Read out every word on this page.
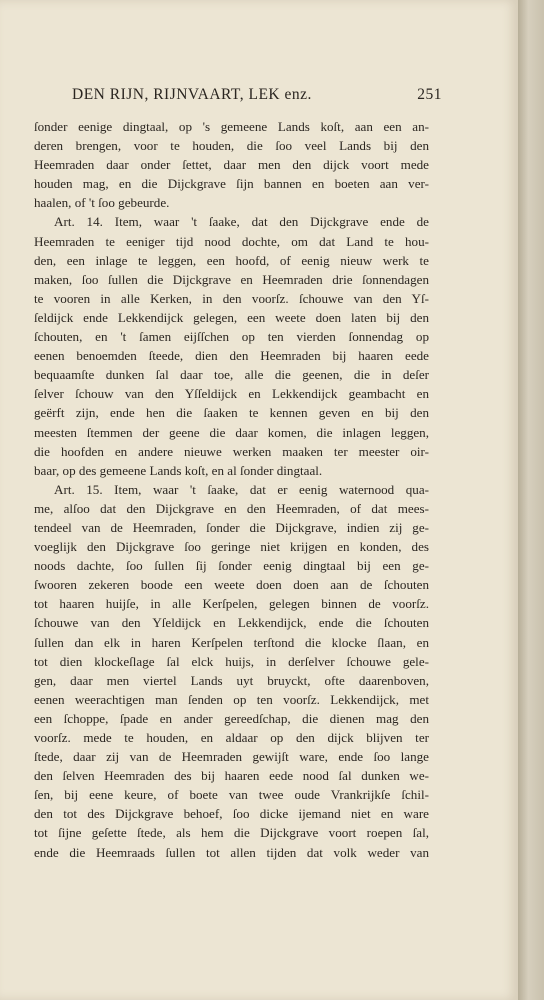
DEN RIJN, RIJNVAART, LEK enz.	251
ſonder eenige dingtaal, op 's gemeene Lands koſt, aan een an-
deren brengen, voor te houden, die ſoo veel Lands bij den
Heemraden daar onder ſettet, daar men den dijck voort mede
houden mag, en die Dijckgrave ſijn bannen en boeten aan ver-
haalen, of 't ſoo gebeurde.
Art. 14. Item, waar 't ſaake, dat den Dijckgrave ende de
Heemraden te eeniger tijd nood dochte, om dat Land te hou-
den, een inlage te leggen, een hoofd, of eenig nieuw werk te
maken, ſoo ſullen die Dijckgrave en Heemraden drie ſonnendagen
te vooren in alle Kerken, in den voorſz. ſchouwe van den Yſ-
ſeldijck ende Lekkendijck gelegen, een weete doen laten bij den
ſchouten, en 't ſamen eijſſchen op ten vierden ſonnendag op
eenen benoemden ſteede, dien den Heemraden bij haaren eede
bequaamſte dunken ſal daar toe, alle die geenen, die in deſer
ſelver ſchouw van den Yſſeldijck en Lekkendijck geambacht en
geërft zijn, ende hen die ſaaken te kennen geven en bij den
meesten ſtemmen der geene die daar komen, die inlagen leggen,
die hoofden en andere nieuwe werken maaken ter meester oir-
baar, op des gemeene Lands koſt, en al ſonder dingtaal.
Art. 15. Item, waar 't ſaake, dat er eenig waternood qua-
me, alſoo dat den Dijckgrave en den Heemraden, of dat mees-
tendeel van de Heemraden, ſonder die Dijckgrave, indien zij ge-
voeglijk den Dijckgrave ſoo geringe niet krijgen en konden, des
noods dachte, ſoo ſullen ſij ſonder eenig dingtaal bij een ge-
ſwooren zekeren boode een weete doen doen aan de ſchouten
tot haaren huijſe, in alle Kerſpelen, gelegen binnen de voorſz.
ſchouwe van den Yſeldijck en Lekkendijck, ende die ſchouten
ſullen dan elk in haren Kerſpelen terſtond die klocke ſlaan, en
tot dien klockeſlage ſal elck huijs, in derſelver ſchouwe gele-
gen, daar men viertel Lands uyt bruyckt, ofte daarenboven,
eenen weerachtigen man ſenden op ten voorſz. Lekkendijck, met
een ſchoppe, ſpade en ander gereedſchap, die dienen mag den
voorſz. mede te houden, en aldaar op den dijck blijven ter
ſtede, daar zij van de Heemraden gewijſt ware, ende ſoo lange
den ſelven Heemraden des bij haaren eede nood ſal dunken we-
ſen, bij eene keure, of boete van twee oude Vrankrijkſe ſchil-
den tot des Dijckgrave behoef, ſoo dicke ijemand niet en ware
tot ſijne geſette ſtede, als hem die Dijckgrave voort roepen ſal,
ende die Heemraads ſullen tot allen tijden dat volk weder van
